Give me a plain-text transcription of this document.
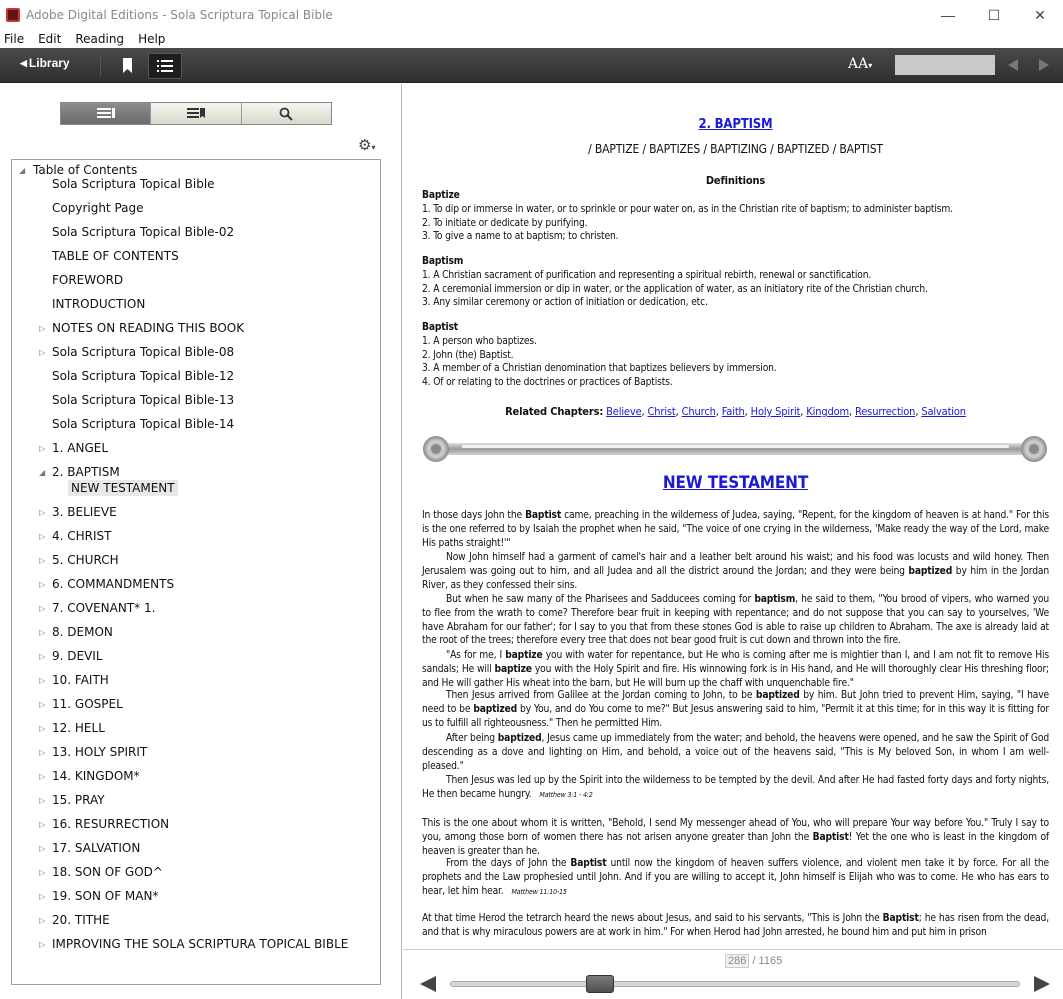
Adobe Digital Editions - Sola Scriptura Topical Bible	—	☐	✕
File	Edit	Reading	Help
◀ Library	AA▾
⚙▾
◢ Table of Contents
Sola Scriptura Topical Bible
Copyright Page
Sola Scriptura Topical Bible-02
TABLE OF CONTENTS
FOREWORD
INTRODUCTION
▷ NOTES ON READING THIS BOOK
▷ Sola Scriptura Topical Bible-08
Sola Scriptura Topical Bible-12
Sola Scriptura Topical Bible-13
Sola Scriptura Topical Bible-14
▷ 1. ANGEL
◢ 2. BAPTISM
NEW TESTAMENT
▷ 3. BELIEVE
▷ 4. CHRIST
▷ 5. CHURCH
▷ 6. COMMANDMENTS
▷ 7. COVENANT* 1.
▷ 8. DEMON
▷ 9. DEVIL
▷ 10. FAITH
▷ 11. GOSPEL
▷ 12. HELL
▷ 13. HOLY SPIRIT
▷ 14. KINGDOM*
▷ 15. PRAY
▷ 16. RESURRECTION
▷ 17. SALVATION
▷ 18. SON OF GOD^
▷ 19. SON OF MAN*
▷ 20. TITHE
▷ IMPROVING THE SOLA SCRIPTURA TOPICAL BIBLE
2. BAPTISM
/ BAPTIZE / BAPTIZES / BAPTIZING / BAPTIZED / BAPTIST
Definitions
Baptize
1. To dip or immerse in water, or to sprinkle or pour water on, as in the Christian rite of baptism; to administer baptism.
2. To initiate or dedicate by purifying.
3. To give a name to at baptism; to christen.
Baptism
1. A Christian sacrament of purification and representing a spiritual rebirth, renewal or sanctification.
2. A ceremonial immersion or dip in water, or the application of water, as an initiatory rite of the Christian church.
3. Any similar ceremony or action of initiation or dedication, etc.
Baptist
1. A person who baptizes.
2. John (the) Baptist.
3. A member of a Christian denomination that baptizes believers by immersion.
4. Of or relating to the doctrines or practices of Baptists.
Related Chapters: Believe, Christ, Church, Faith, Holy Spirit, Kingdom, Resurrection, Salvation
NEW TESTAMENT
In those days John the Baptist came, preaching in the wilderness of Judea, saying, "Repent, for the kingdom of heaven is at hand." For this is the one referred to by Isaiah the prophet when he said, "The voice of one crying in the wilderness, 'Make ready the way of the Lord, make His paths straight!'"
Now John himself had a garment of camel's hair and a leather belt around his waist; and his food was locusts and wild honey. Then Jerusalem was going out to him, and all Judea and all the district around the Jordan; and they were being baptized by him in the Jordan River, as they confessed their sins.
But when he saw many of the Pharisees and Sadducees coming for baptism, he said to them, "You brood of vipers, who warned you to flee from the wrath to come? Therefore bear fruit in keeping with repentance; and do not suppose that you can say to yourselves, 'We have Abraham for our father'; for I say to you that from these stones God is able to raise up children to Abraham. The axe is already laid at the root of the trees; therefore every tree that does not bear good fruit is cut down and thrown into the fire.
"As for me, I baptize you with water for repentance, but He who is coming after me is mightier than I, and I am not fit to remove His sandals; He will baptize you with the Holy Spirit and fire. His winnowing fork is in His hand, and He will thoroughly clear His threshing floor; and He will gather His wheat into the barn, but He will burn up the chaff with unquenchable fire."
Then Jesus arrived from Galilee at the Jordan coming to John, to be baptized by him. But John tried to prevent Him, saying, "I have need to be baptized by You, and do You come to me?" But Jesus answering said to him, "Permit it at this time; for in this way it is fitting for us to fulfill all righteousness." Then he permitted Him.
After being baptized, Jesus came up immediately from the water; and behold, the heavens were opened, and he saw the Spirit of God descending as a dove and lighting on Him, and behold, a voice out of the heavens said, "This is My beloved Son, in whom I am well-pleased."
Then Jesus was led up by the Spirit into the wilderness to be tempted by the devil. And after He had fasted forty days and forty nights, He then became hungry. Matthew 3:1 - 4:2
This is the one about whom it is written, "Behold, I send My messenger ahead of You, who will prepare Your way before You." Truly I say to you, among those born of women there has not arisen anyone greater than John the Baptist! Yet the one who is least in the kingdom of heaven is greater than he.
From the days of John the Baptist until now the kingdom of heaven suffers violence, and violent men take it by force. For all the prophets and the Law prophesied until John. And if you are willing to accept it, John himself is Elijah who was to come. He who has ears to hear, let him hear. Matthew 11:10-15
At that time Herod the tetrarch heard the news about Jesus, and said to his servants, "This is John the Baptist; he has risen from the dead, and that is why miraculous powers are at work in him." For when Herod had John arrested, he bound him and put him in prison
286 / 1165
